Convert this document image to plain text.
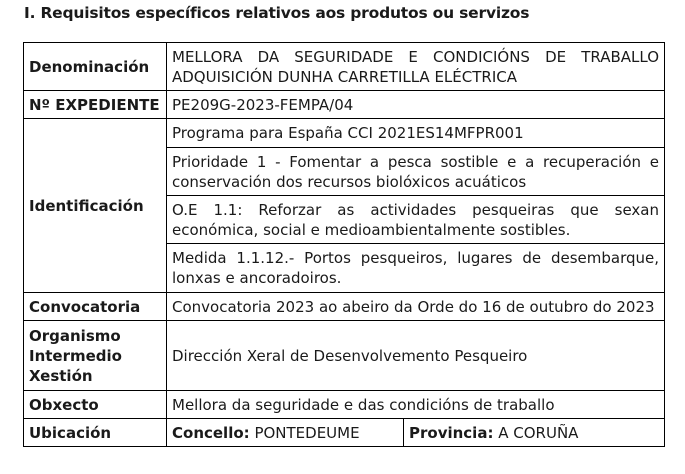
I. Requisitos específicos relativos aos produtos ou servizos
Denominación	MELLORA DA SEGURIDADE E CONDICIÓNS DE TRABALLO ADQUISICIÓN DUNHA CARRETILLA ELÉCTRICA	
Nº EXPEDIENTE	PE209G-2023-FEMPA/04	
Identificación	Programa para España CCI 2021ES14MFPR001	
	Prioridade 1 - Fomentar a pesca sostible e a recuperación e conservación dos recursos biolóxicos acuáticos	
	O.E 1.1: Reforzar as actividades pesqueiras que sexan económica, social e medioambientalmente sostibles.	
	Medida 1.1.12.- Portos pesqueiros, lugares de desembarque, lonxas e ancoradoiros.	
Convocatoria	Convocatoria 2023 ao abeiro da Orde do 16 de outubro do 2023	
Organismo Intermedio Xestión	Dirección Xeral de Desenvolvemento Pesqueiro	
Obxecto	Mellora da seguridade e das condicións de traballo	
Ubicación	Concello: PONTEDEUME	Provincia: A CORUÑA
